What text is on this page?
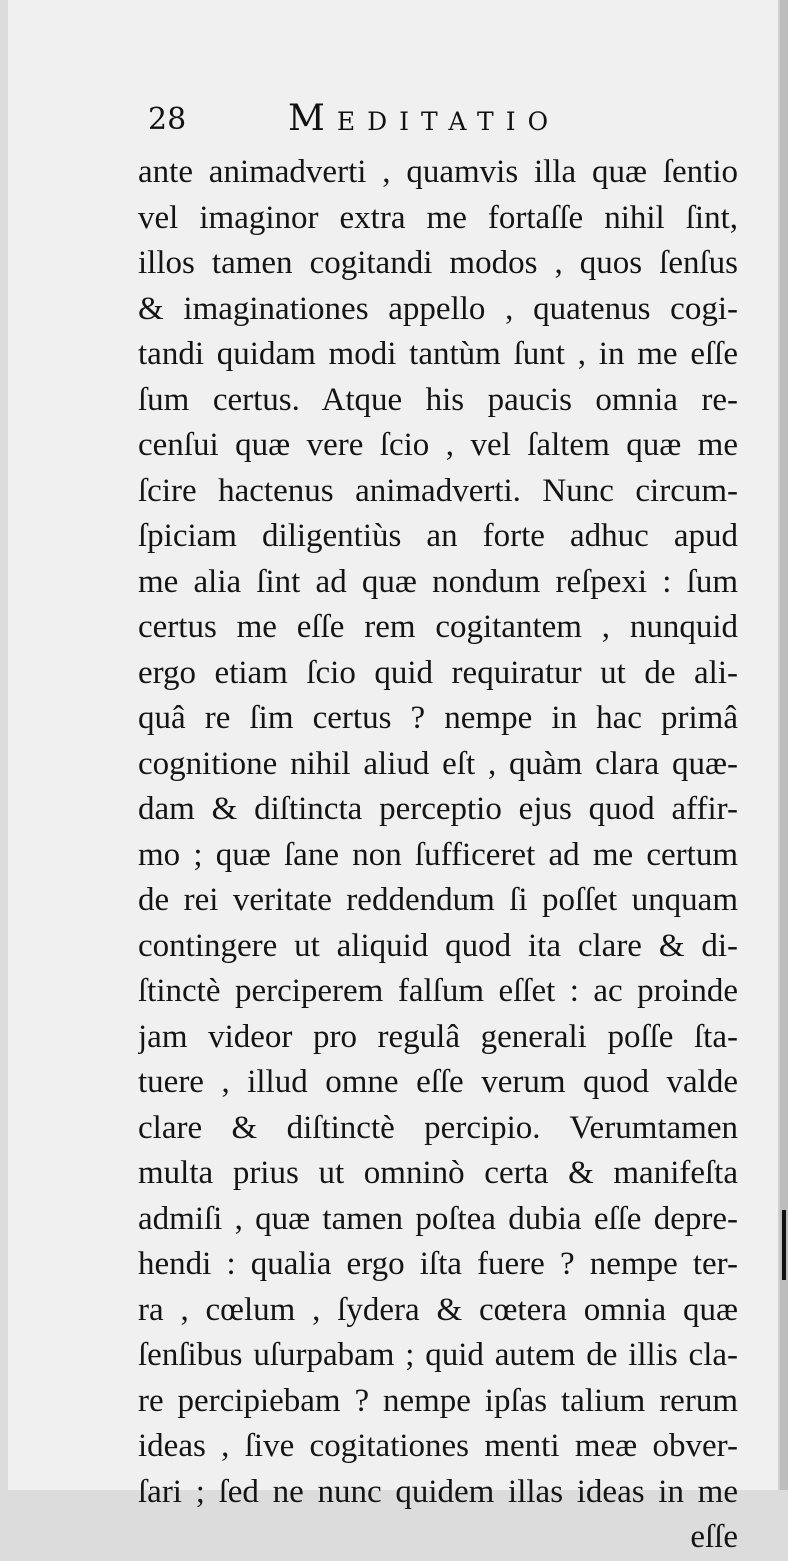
28	Meditatio
ante animadverti , quamvis illa quæ ſentio
vel imaginor extra me fortaſſe nihil ſint,
illos tamen cogitandi modos , quos ſenſus
& imaginationes appello , quatenus cogi-
tandi quidam modi tantùm ſunt , in me eſſe
ſum certus. Atque his paucis omnia re-
cenſui quæ vere ſcio , vel ſaltem quæ me
ſcire hactenus animadverti. Nunc circum-
ſpiciam diligentiùs an forte adhuc apud
me alia ſint ad quæ nondum reſpexi : ſum
certus me eſſe rem cogitantem , nunquid
ergo etiam ſcio quid requiratur ut de ali-
quâ re ſim certus ? nempe in hac primâ
cognitione nihil aliud eſt , quàm clara quæ-
dam & diſtincta perceptio ejus quod affir-
mo ; quæ ſane non ſufficeret ad me certum
de rei veritate reddendum ſi poſſet unquam
contingere ut aliquid quod ita clare & di-
ſtinctè perciperem falſum eſſet : ac proinde
jam videor pro regulâ generali poſſe ſta-
tuere , illud omne eſſe verum quod valde
clare & diſtinctè percipio. Verumtamen
multa prius ut omninò certa & manifeſta
admiſi , quæ tamen poſtea dubia eſſe depre-
hendi : qualia ergo iſta fuere ? nempe ter-
ra , cœlum , ſydera & cœtera omnia quæ
ſenſibus uſurpabam ; quid autem de illis cla-
re percipiebam ? nempe ipſas talium rerum
ideas , ſive cogitationes menti meæ obver-
ſari ; ſed ne nunc quidem illas ideas in me
eſſe
